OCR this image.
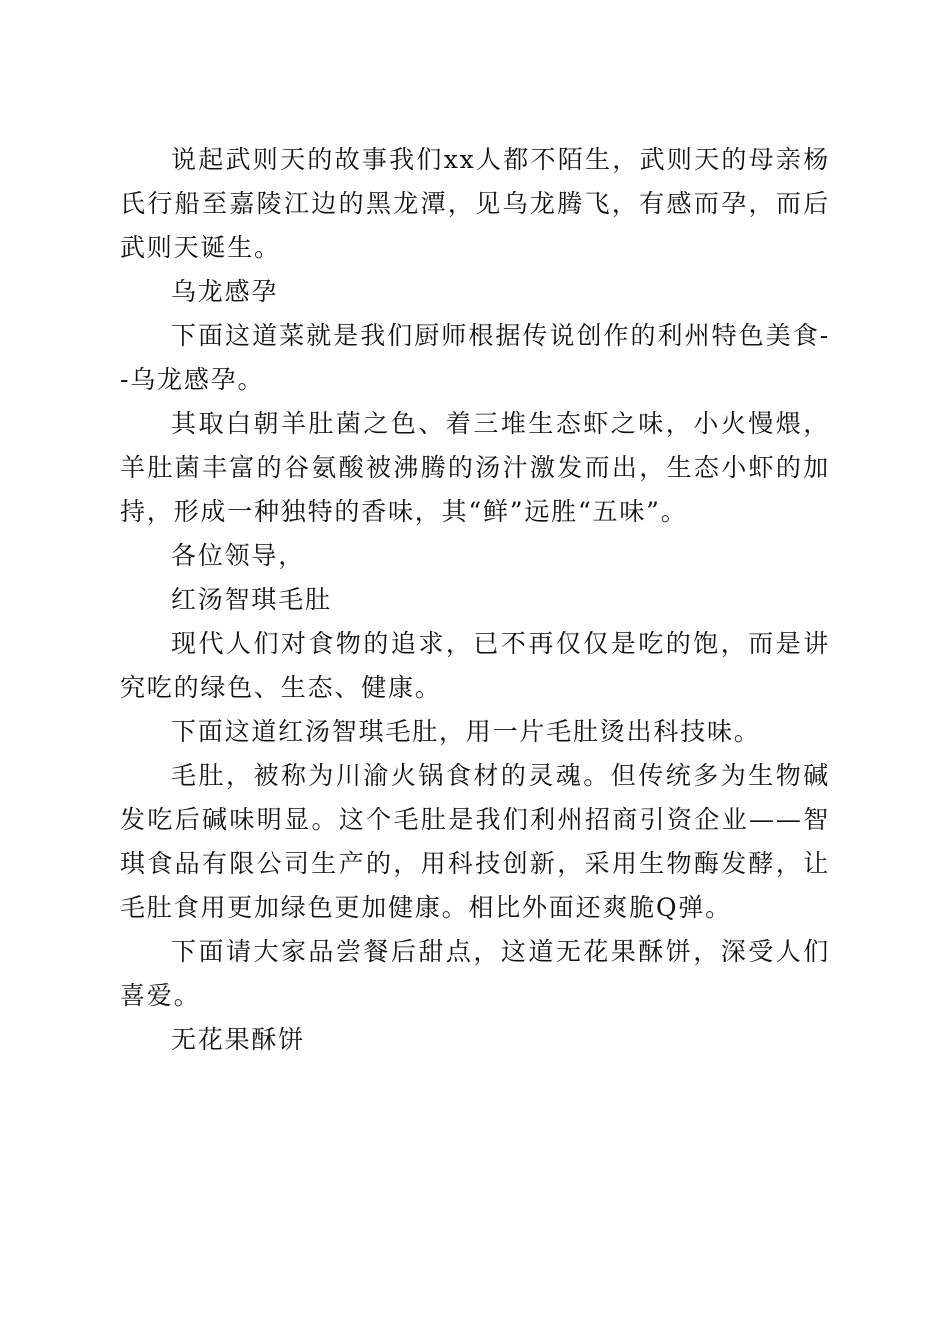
说起武则天的故事我们xx人都不陌生，武则天的母亲杨氏行船至嘉陵江边的黑龙潭，见乌龙腾飞，有感而孕，而后武则天诞生。

乌龙感孕

下面这道菜就是我们厨师根据传说创作的利州特色美食--乌龙感孕。

其取白朝羊肚菌之色、着三堆生态虾之味，小火慢煨，羊肚菌丰富的谷氨酸被沸腾的汤汁激发而出，生态小虾的加持，形成一种独特的香味，其“鲜”远胜“五味”。

各位领导，

红汤智琪毛肚

现代人们对食物的追求，已不再仅仅是吃的饱，而是讲究吃的绿色、生态、健康。

下面这道红汤智琪毛肚，用一片毛肚烫出科技味。

毛肚，被称为川渝火锅食材的灵魂。但传统多为生物碱发吃后碱味明显。这个毛肚是我们利州招商引资企业——智琪食品有限公司生产的，用科技创新，采用生物酶发酵，让毛肚食用更加绿色更加健康。相比外面还爽脆Q弹。

下面请大家品尝餐后甜点，这道无花果酥饼，深受人们喜爱。

无花果酥饼
